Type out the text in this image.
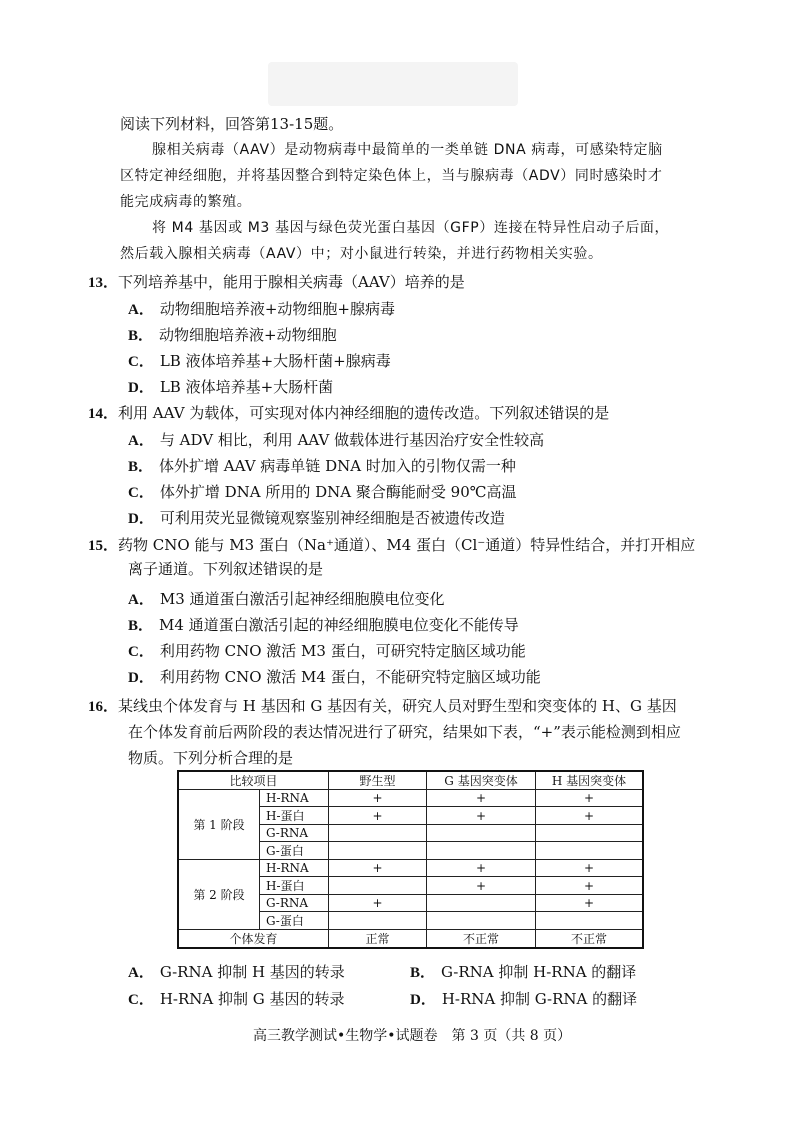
阅读下列材料，回答第13-15题。
腺相关病毒（AAV）是动物病毒中最简单的一类单链 DNA 病毒，可感染特定脑
区特定神经细胞，并将基因整合到特定染色体上，当与腺病毒（ADV）同时感染时才
能完成病毒的繁殖。
将 M4 基因或 M3 基因与绿色荧光蛋白基因（GFP）连接在特异性启动子后面，
然后载入腺相关病毒（AAV）中；对小鼠进行转染，并进行药物相关实验。
13．下列培养基中，能用于腺相关病毒（AAV）培养的是
A． 动物细胞培养液+动物细胞+腺病毒
B． 动物细胞培养液+动物细胞
C． LB 液体培养基+大肠杆菌+腺病毒
D． LB 液体培养基+大肠杆菌
14．利用 AAV 为载体，可实现对体内神经细胞的遗传改造。下列叙述错误的是
A． 与 ADV 相比，利用 AAV 做载体进行基因治疗安全性较高
B． 体外扩增 AAV 病毒单链 DNA 时加入的引物仅需一种
C． 体外扩增 DNA 所用的 DNA 聚合酶能耐受 90℃高温
D． 可利用荧光显微镜观察鉴别神经细胞是否被遗传改造
15．药物 CNO 能与 M3 蛋白（Na⁺通道）、M4 蛋白（Cl⁻通道）特异性结合，并打开相应
离子通道。下列叙述错误的是
A． M3 通道蛋白激活引起神经细胞膜电位变化
B． M4 通道蛋白激活引起的神经细胞膜电位变化不能传导
C． 利用药物 CNO 激活 M3 蛋白，可研究特定脑区域功能
D． 利用药物 CNO 激活 M4 蛋白，不能研究特定脑区域功能
16．某线虫个体发育与 H 基因和 G 基因有关，研究人员对野生型和突变体的 H、G 基因
在个体发育前后两阶段的表达情况进行了研究，结果如下表，“+”表示能检测到相应
物质。下列分析合理的是
比较项目		野生型	G 基因突变体	H 基因突变体
第 1 阶段	H-RNA	+	+	+
	H-蛋白	+	+	+
	G-RNA			
	G-蛋白			
第 2 阶段	H-RNA	+	+	+
	H-蛋白		+	+
	G-RNA	+		+
	G-蛋白			
个体发育		正常	不正常	不正常
A． G-RNA 抑制 H 基因的转录	B． G-RNA 抑制 H-RNA 的翻译
C． H-RNA 抑制 G 基因的转录	D． H-RNA 抑制 G-RNA 的翻译
高三教学测试•生物学•试题卷　第 3 页（共 8 页）
